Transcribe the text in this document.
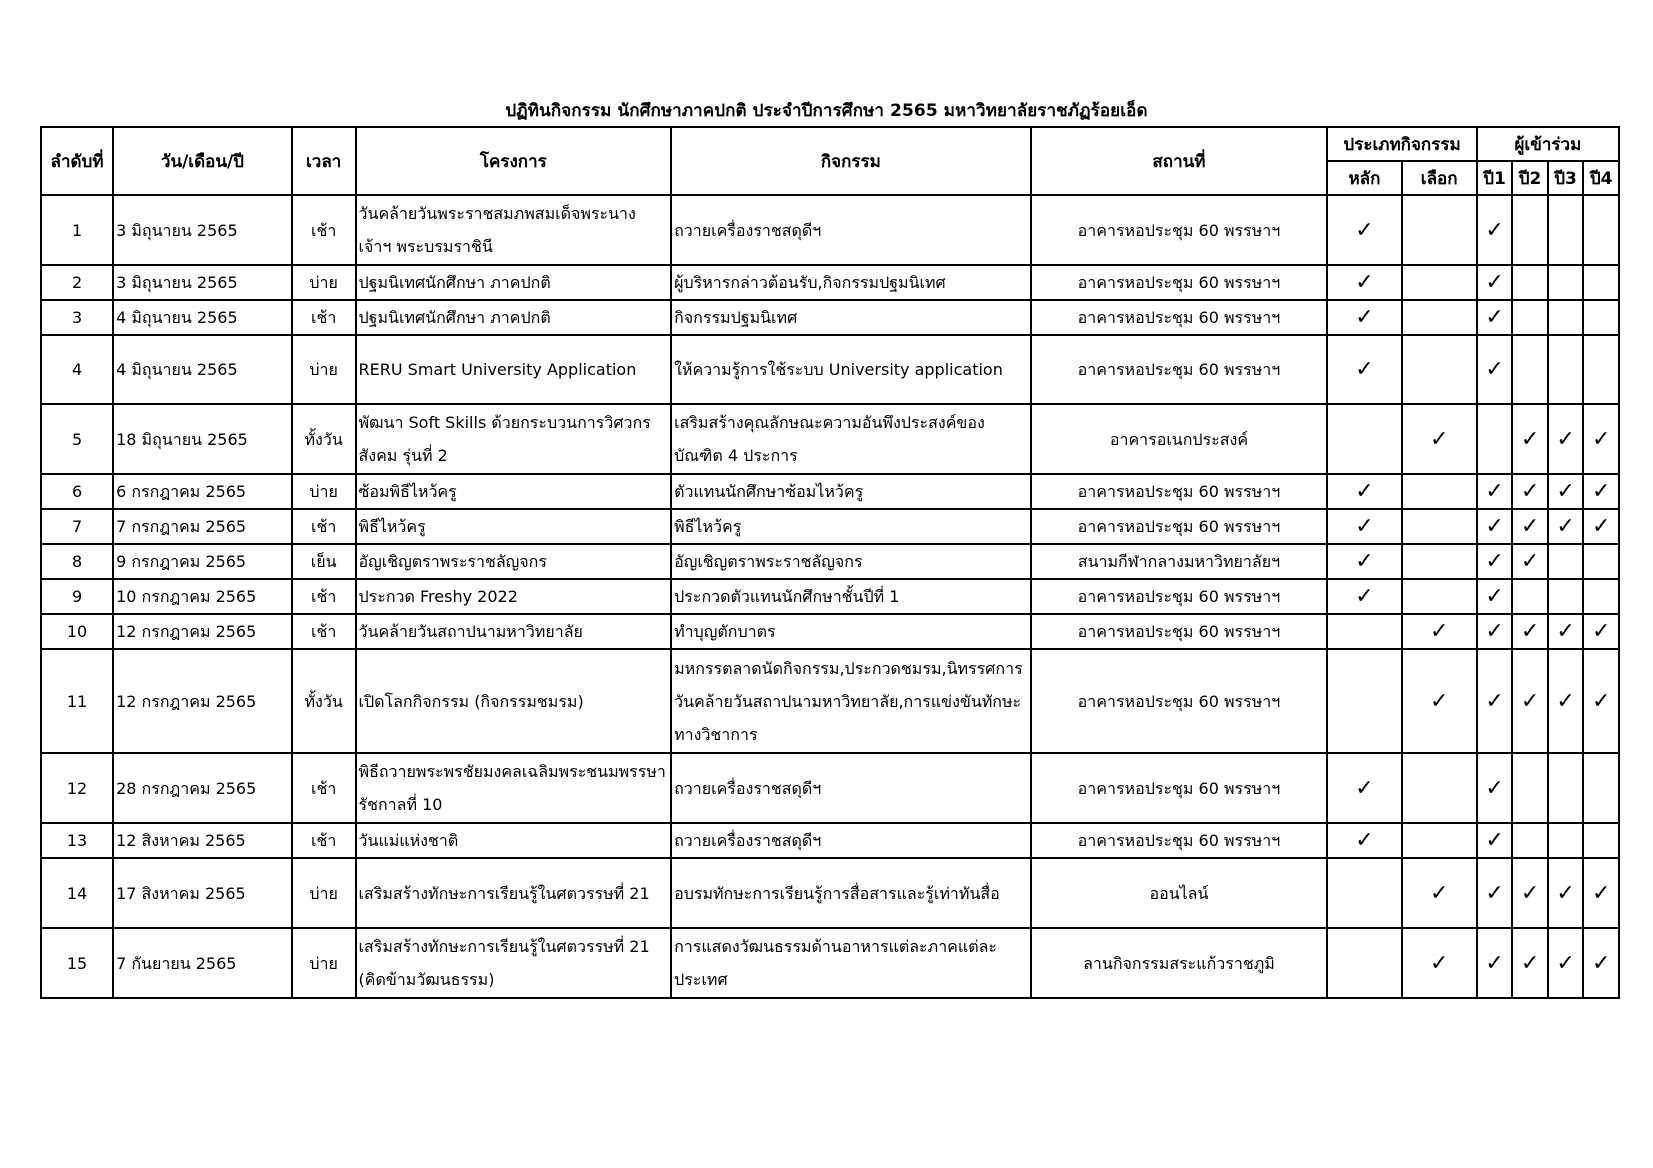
ปฏิทินกิจกรรม นักศึกษาภาคปกติ ประจำปีการศึกษา 2565 มหาวิทยาลัยราชภัฏร้อยเอ็ด
ลำดับที่	วัน/เดือน/ปี	เวลา	โครงการ	กิจกรรม	สถานที่	ประเภทกิจกรรม		ผู้เข้าร่วม			
						หลัก	เลือก	ปี1	ปี2	ปี3	ปี4
1	3 มิถุนายน 2565	เช้า	วันคล้ายวันพระราชสมภพสมเด็จพระนางเจ้าฯ พระบรมราชินี	ถวายเครื่องราชสดุดีฯ	อาคารหอประชุม 60 พรรษาฯ	✓		✓			
2	3 มิถุนายน 2565	บ่าย	ปฐมนิเทศนักศึกษา ภาคปกติ	ผู้บริหารกล่าวต้อนรับ,กิจกรรมปฐมนิเทศ	อาคารหอประชุม 60 พรรษาฯ	✓		✓			
3	4 มิถุนายน 2565	เช้า	ปฐมนิเทศนักศึกษา ภาคปกติ	กิจกรรมปฐมนิเทศ	อาคารหอประชุม 60 พรรษาฯ	✓		✓			
4	4 มิถุนายน 2565	บ่าย	RERU Smart University Application	ให้ความรู้การใช้ระบบ University application	อาคารหอประชุม 60 พรรษาฯ	✓		✓			
5	18 มิถุนายน 2565	ทั้งวัน	พัฒนา Soft Skills ด้วยกระบวนการวิศวกรสังคม รุ่นที่ 2	เสริมสร้างคุณลักษณะความอันพึงประสงค์ของบัณฑิต 4 ประการ	อาคารอเนกประสงค์		✓		✓	✓	✓
6	6 กรกฎาคม 2565	บ่าย	ซ้อมพิธีไหว้ครู	ตัวแทนนักศึกษาซ้อมไหว้ครู	อาคารหอประชุม 60 พรรษาฯ	✓		✓	✓	✓	✓
7	7 กรกฎาคม 2565	เช้า	พิธีไหว้ครู	พิธีไหว้ครู	อาคารหอประชุม 60 พรรษาฯ	✓		✓	✓	✓	✓
8	9 กรกฎาคม 2565	เย็น	อัญเชิญตราพระราชลัญจกร	อัญเชิญตราพระราชลัญจกร	สนามกีฬากลางมหาวิทยาลัยฯ	✓		✓	✓		
9	10 กรกฎาคม 2565	เช้า	ประกวด Freshy 2022	ประกวดตัวแทนนักศึกษาชั้นปีที่ 1	อาคารหอประชุม 60 พรรษาฯ	✓		✓			
10	12 กรกฎาคม 2565	เช้า	วันคล้ายวันสถาปนามหาวิทยาลัย	ทำบุญตักบาตร	อาคารหอประชุม 60 พรรษาฯ		✓	✓	✓	✓	✓
11	12 กรกฎาคม 2565	ทั้งวัน	เปิดโลกกิจกรรม (กิจกรรมชมรม)	มหกรรตลาดนัดกิจกรรม,ประกวดชมรม,นิทรรศการวันคล้ายวันสถาปนามหาวิทยาลัย,การแข่งขันทักษะทางวิชาการ	อาคารหอประชุม 60 พรรษาฯ		✓	✓	✓	✓	✓
12	28 กรกฎาคม 2565	เช้า	พิธีถวายพระพรชัยมงคลเฉลิมพระชนมพรรษา รัชกาลที่ 10	ถวายเครื่องราชสดุดีฯ	อาคารหอประชุม 60 พรรษาฯ	✓		✓			
13	12 สิงหาคม 2565	เช้า	วันแม่แห่งชาติ	ถวายเครื่องราชสดุดีฯ	อาคารหอประชุม 60 พรรษาฯ	✓		✓			
14	17 สิงหาคม 2565	บ่าย	เสริมสร้างทักษะการเรียนรู้ในศตวรรษที่ 21	อบรมทักษะการเรียนรู้การสื่อสารและรู้เท่าทันสื่อ	ออนไลน์		✓	✓	✓	✓	✓
15	7 กันยายน 2565	บ่าย	เสริมสร้างทักษะการเรียนรู้ในศตวรรษที่ 21 (คิดข้ามวัฒนธรรม)	การแสดงวัฒนธรรมด้านอาหารแต่ละภาคแต่ละประเทศ	ลานกิจกรรมสระแก้วราชภูมิ		✓	✓	✓	✓	✓
